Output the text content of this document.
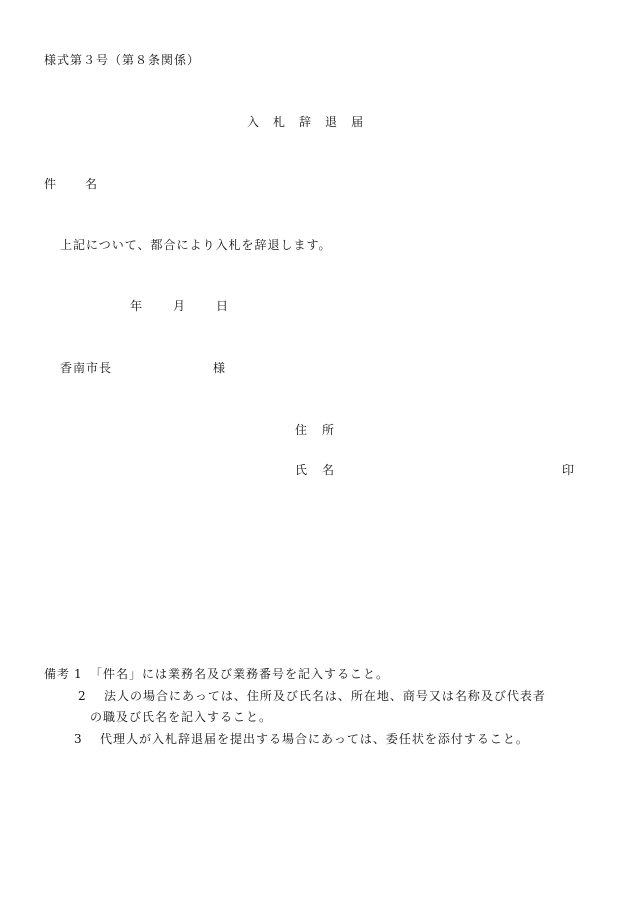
様式第３号（第８条関係）
入 札 辞 退 届
件 名
上記について、都合により入札を辞退します。
年 月 日
香南市長	様
住 所
氏 名	印
備考 1 「件名」には業務名及び業務番号を記入すること。
2 法人の場合にあっては、住所及び氏名は、所在地、商号又は名称及び代表者
の職及び氏名を記入すること。
3 代理人が入札辞退届を提出する場合にあっては、委任状を添付すること。
